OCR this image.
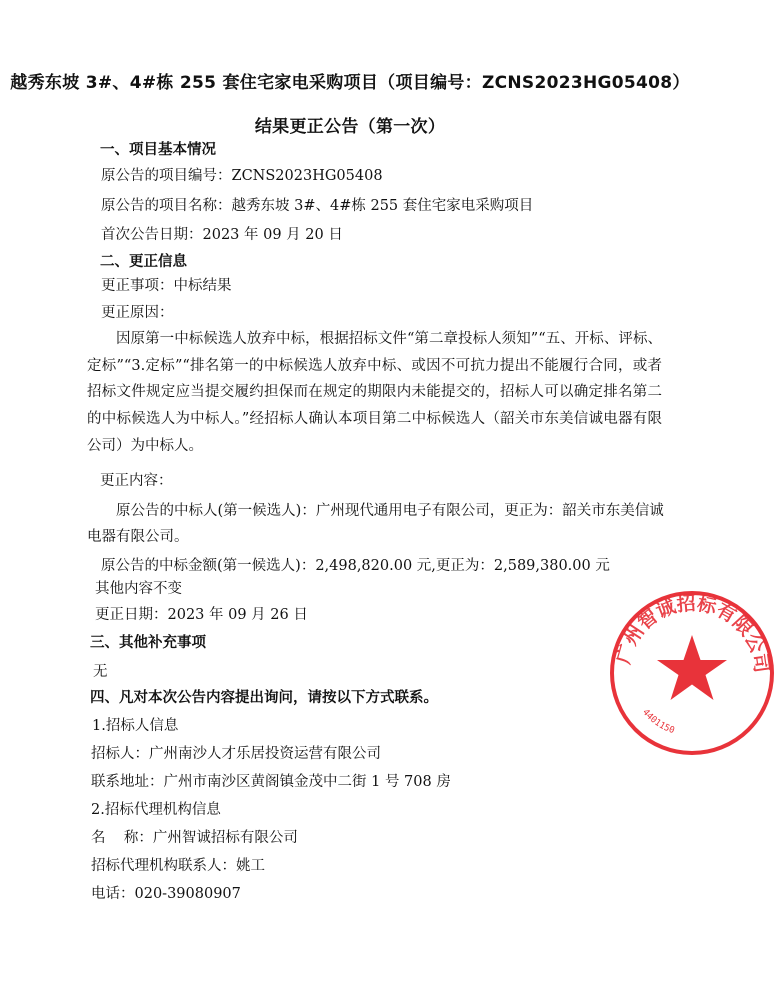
越秀东坡 3#、4#栋 255 套住宅家电采购项目（项目编号：ZCNS2023HG05408）
结果更正公告（第一次）
一、项目基本情况
原公告的项目编号：ZCNS2023HG05408
原公告的项目名称：越秀东坡 3#、4#栋 255 套住宅家电采购项目
首次公告日期：2023 年 09 月 20 日
二、更正信息
更正事项：中标结果
更正原因：
因原第一中标候选人放弃中标，根据招标文件“第二章投标人须知”“五、开标、评标、定标”“3.定标”“排名第一的中标候选人放弃中标、或因不可抗力提出不能履行合同，或者招标文件规定应当提交履约担保而在规定的期限内未能提交的，招标人可以确定排名第二的中标候选人为中标人。”经招标人确认本项目第二中标候选人（韶关市东美信诚电器有限公司）为中标人。
更正内容：
原公告的中标人(第一候选人)：广州现代通用电子有限公司，更正为：韶关市东美信诚电器有限公司。
原公告的中标金额(第一候选人)：2,498,820.00 元,更正为：2,589,380.00 元
其他内容不变
更正日期：2023 年 09 月 26 日
三、其他补充事项
无
四、凡对本次公告内容提出询问，请按以下方式联系。
1.招标人信息
招标人：广州南沙人才乐居投资运营有限公司
联系地址：广州市南沙区黄阁镇金茂中二街 1 号 708 房
2.招标代理机构信息
名    称：广州智诚招标有限公司
招标代理机构联系人：姚工
电话：020-39080907
广州智诚招标有限公司
4401150
